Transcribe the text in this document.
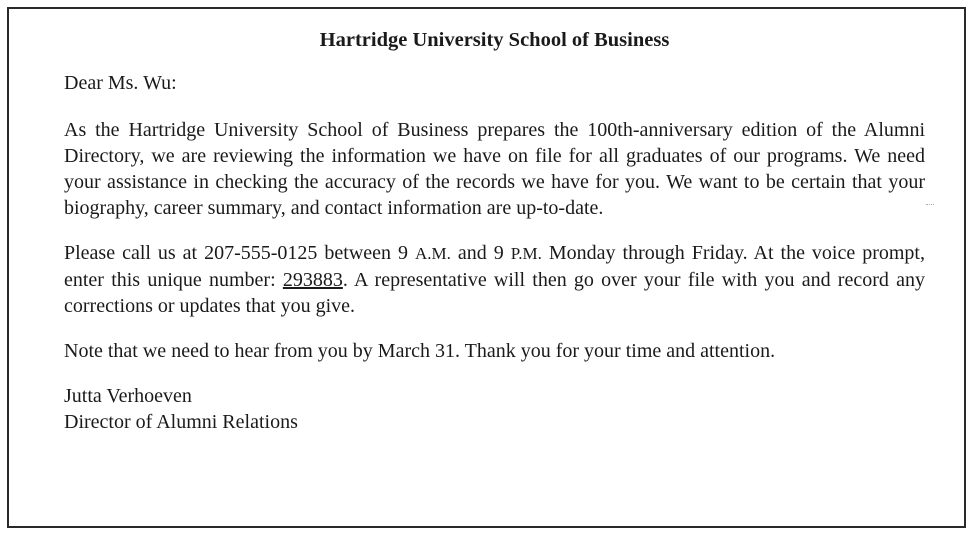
Hartridge University School of Business

Dear Ms. Wu:

As the Hartridge University School of Business prepares the 100th-anniversary edition of the Alumni Directory, we are reviewing the information we have on file for all graduates of our programs. We need your assistance in checking the accuracy of the records we have for you. We want to be certain that your biography, career summary, and contact information are up-to-date.

Please call us at 207-555-0125 between 9 A.M. and 9 P.M. Monday through Friday. At the voice prompt, enter this unique number: 293883. A representative will then go over your file with you and record any corrections or updates that you give.

Note that we need to hear from you by March 31. Thank you for your time and attention.

Jutta Verhoeven
Director of Alumni Relations
